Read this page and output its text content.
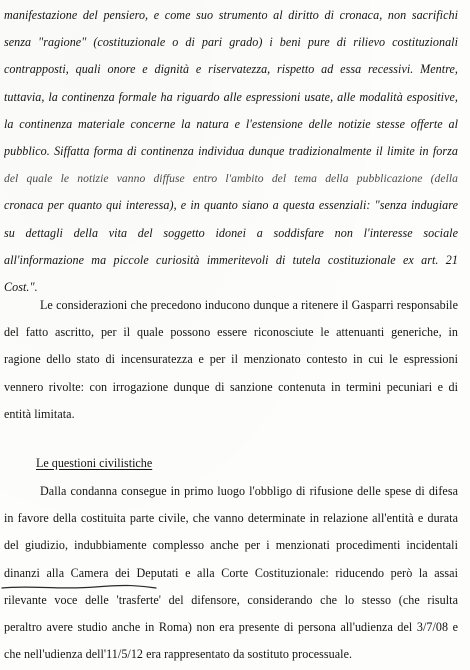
manifestazione del pensiero, e come suo strumento al diritto di cronaca, non sacrifichi
senza "ragione" (costituzionale o di pari grado) i beni pure di rilievo costituzionali
contrapposti, quali onore e dignità e riservatezza, rispetto ad essa recessivi. Mentre,
tuttavia, la continenza formale ha riguardo alle espressioni usate, alle modalità espositive,
la continenza materiale concerne la natura e l'estensione delle notizie stesse offerte al
pubblico. Siffatta forma di continenza individua dunque tradizionalmente il limite in forza
del quale le notizie vanno diffuse entro l'ambito del tema della pubblicazione (della
cronaca per quanto qui interessa), e in quanto siano a questa essenziali: "senza indugiare
su dettagli della vita del soggetto idonei a soddisfare non l'interesse sociale
all'informazione ma piccole curiosità immeritevoli di tutela costituzionale ex art. 21
Cost.".
Le considerazioni che precedono inducono dunque a ritenere il Gasparri responsabile
del fatto ascritto, per il quale possono essere riconosciute le attenuanti generiche, in
ragione dello stato di incensuratezza e per il menzionato contesto in cui le espressioni
vennero rivolte: con irrogazione dunque di sanzione contenuta in termini pecuniari e di
entità limitata.
Le questioni civilistiche
Dalla condanna consegue in primo luogo l'obbligo di rifusione delle spese di difesa
in favore della costituita parte civile, che vanno determinate in relazione all'entità e durata
del giudizio, indubbiamente complesso anche per i menzionati procedimenti incidentali
dinanzi alla Camera dei Deputati e alla Corte Costituzionale: riducendo però la assai
rilevante voce delle 'trasferte' del difensore, considerando che lo stesso (che risulta
peraltro avere studio anche in Roma) non era presente di persona all'udienza del 3/7/08 e
che nell'udienza dell'11/5/12 era rappresentato da sostituto processuale.
